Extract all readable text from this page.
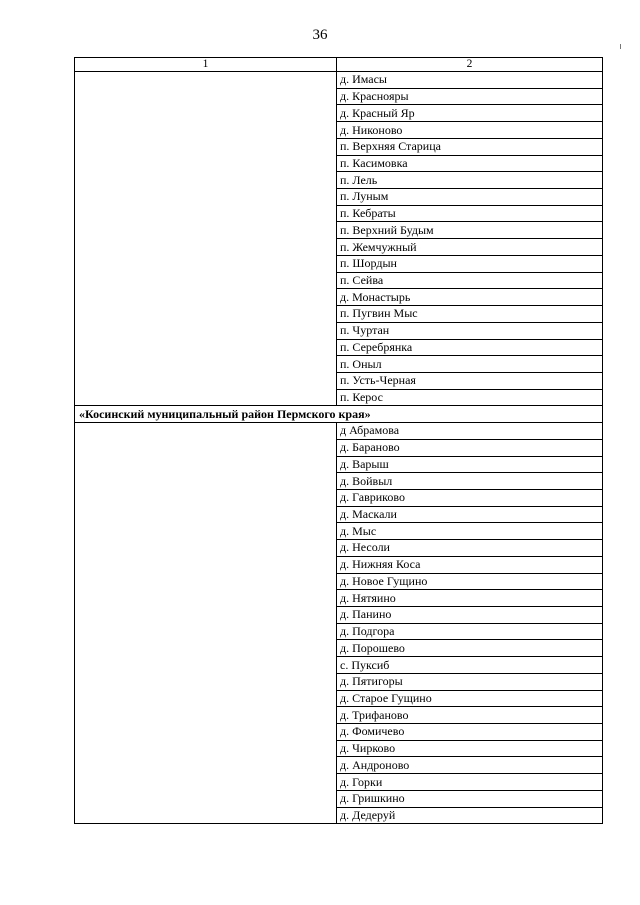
36
1	2
	д. Имасы
	д. Краснояры
	д. Красный Яр
	д. Никоново
	п. Верхняя Старица
	п. Касимовка
	п. Лель
	п. Луным
	п. Кебраты
	п. Верхний Будым
	п. Жемчужный
	п. Шордын
	п. Сейва
	д. Монастырь
	п. Пугвин Мыс
	п. Чуртан
	п. Серебрянка
	п. Оныл
	п. Усть-Черная
	п. Керос
«Косинский муниципальный район Пермского края»	
	д Абрамова
	д. Бараново
	д. Варыш
	д. Войвыл
	д. Гавриково
	д. Маскали
	д. Мыс
	д. Несоли
	д. Нижняя Коса
	д. Новое Гущино
	д. Нятяино
	д. Панино
	д. Подгора
	д. Порошево
	с. Пуксиб
	д. Пятигоры
	д. Старое Гущино
	д. Трифаново
	д. Фомичево
	д. Чирково
	д. Андроново
	д. Горки
	д. Гришкино
	д. Дедеруй
